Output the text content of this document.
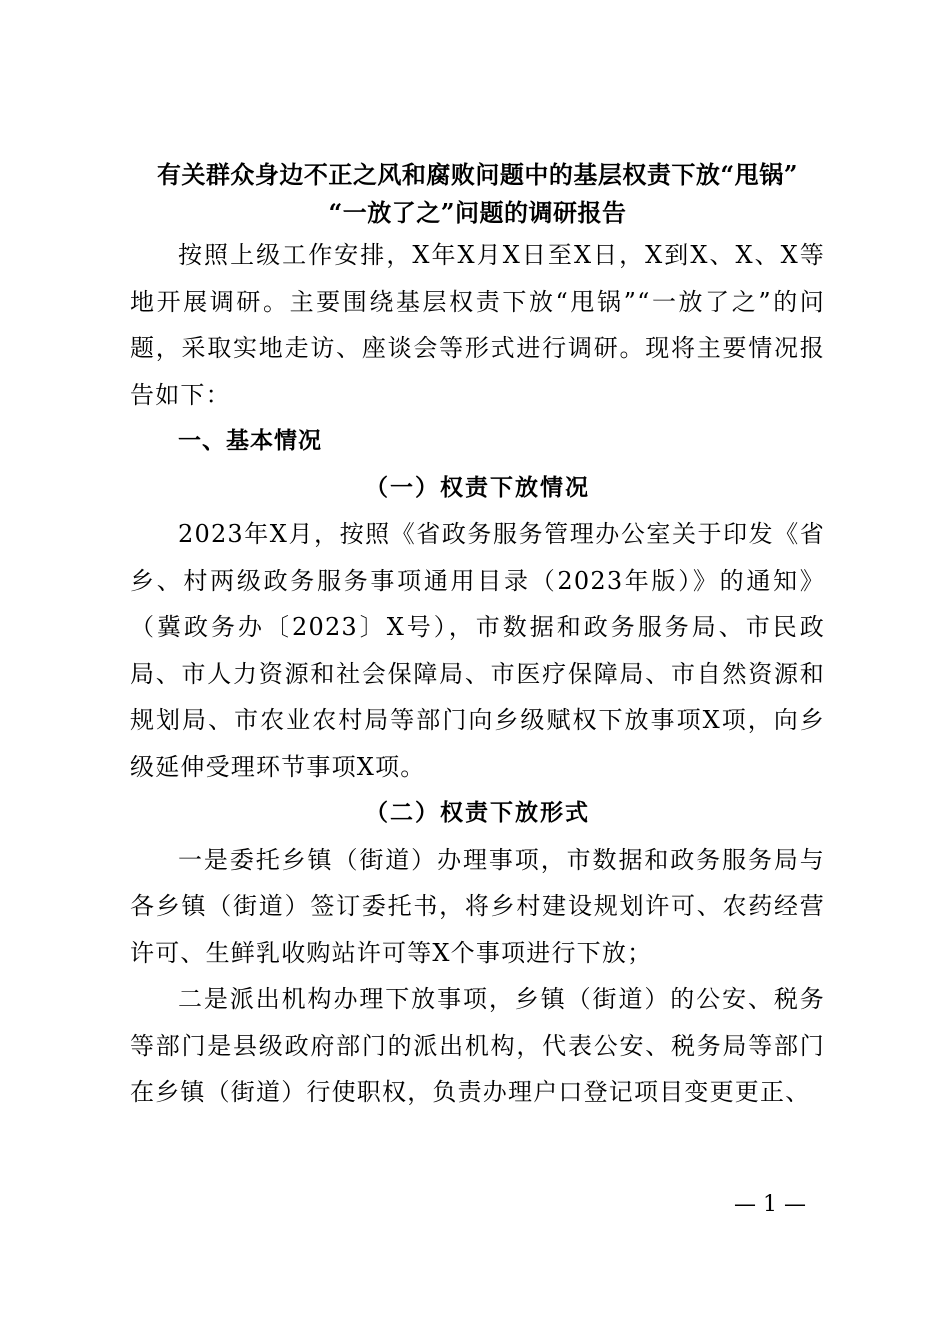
有关群众身边不正之风和腐败问题中的基层权责下放“甩锅”
“一放了之”问题的调研报告

按照上级工作安排，X年X月X日至X日，X到X、X、X等地开展调研。主要围绕基层权责下放“甩锅”“一放了之”的问题，采取实地走访、座谈会等形式进行调研。现将主要情况报告如下：

一、基本情况
（一）权责下放情况

2023年X月，按照《省政务服务管理办公室关于印发《省乡、村两级政务服务事项通用目录（2023年版）》的通知》（冀政务办〔2023〕X号），市数据和政务服务局、市民政局、市人力资源和社会保障局、市医疗保障局、市自然资源和规划局、市农业农村局等部门向乡级赋权下放事项X项，向乡级延伸受理环节事项X项。

（二）权责下放形式

一是委托乡镇（街道）办理事项，市数据和政务服务局与各乡镇（街道）签订委托书，将乡村建设规划许可、农药经营许可、生鲜乳收购站许可等X个事项进行下放；

二是派出机构办理下放事项，乡镇（街道）的公安、税务等部门是县级政府部门的派出机构，代表公安、税务局等部门在乡镇（街道）行使职权，负责办理户口登记项目变更更正、

— 1 —
